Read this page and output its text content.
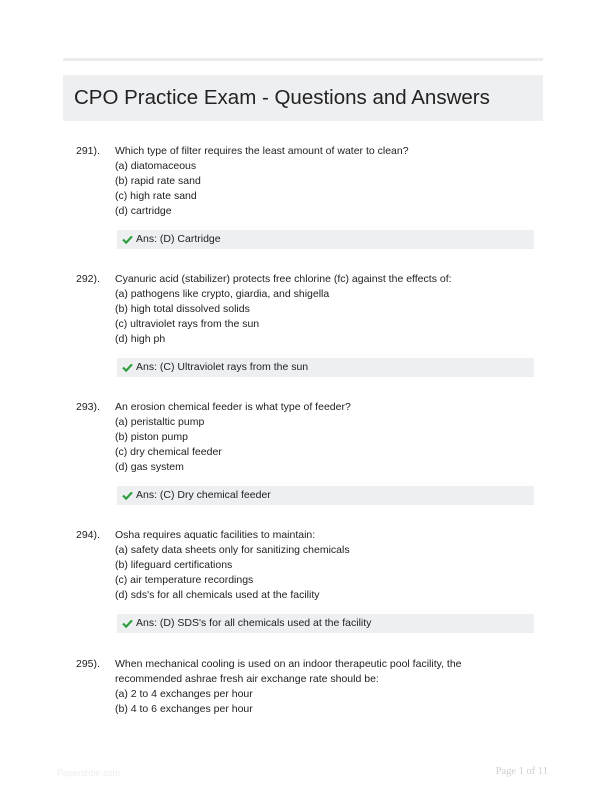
CPO Practice Exam - Questions and Answers
291). Which type of filter requires the least amount of water to clean?

(a) diatomaceous

(b) rapid rate sand

(c) high rate sand

(d) cartridge

Ans: (D) Cartridge
292). Cyanuric acid (stabilizer) protects free chlorine (fc) against the effects of:

(a) pathogens like crypto, giardia, and shigella

(b) high total dissolved solids

(c) ultraviolet rays from the sun

(d) high ph

Ans: (C) Ultraviolet rays from the sun
293). An erosion chemical feeder is what type of feeder?

(a) peristaltic pump

(b) piston pump

(c) dry chemical feeder

(d) gas system

Ans: (C) Dry chemical feeder
294). Osha requires aquatic facilities to maintain:

(a) safety data sheets only for sanitizing chemicals

(b) lifeguard certifications

(c) air temperature recordings

(d) sds's for all chemicals used at the facility

Ans: (D) SDS's for all chemicals used at the facility
295). When mechanical cooling is used on an indoor therapeutic pool facility, the

recommended ashrae fresh air exchange rate should be:

(a) 2 to 4 exchanges per hour

(b) 4 to 6 exchanges per hour

Papershbe.com	Page 1 of 11
